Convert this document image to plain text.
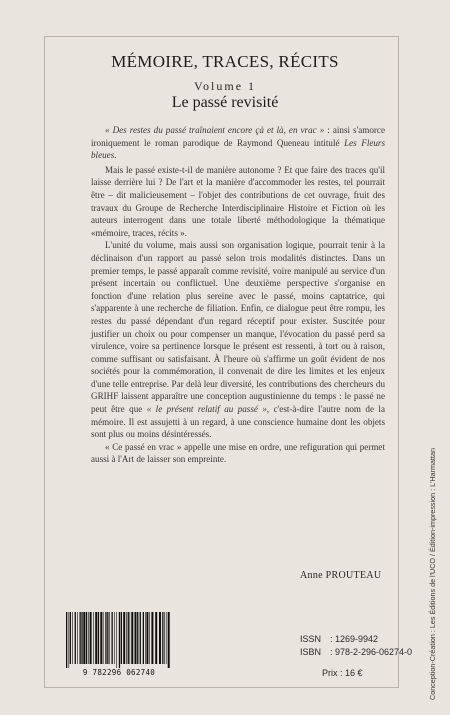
MÉMOIRE, TRACES, RÉCITS
Volume 1
Le passé revisité

« Des restes du passé traînaient encore çà et là, en vrac » : ainsi s'amorce ironiquement le roman parodique de Raymond Queneau intitulé Les Fleurs bleues.

Mais le passé existe-t-il de manière autonome ? Et que faire des traces qu'il laisse derrière lui ? De l'art et la manière d'accommoder les restes, tel pourrait être – dit malicieusement – l'objet des contributions de cet ouvrage, fruit des travaux du Groupe de Recherche Interdisciplinaire Histoire et Fiction où les auteurs interrogent dans une totale liberté méthodologique la thématique «mémoire, traces, récits ».

L'unité du volume, mais aussi son organisation logique, pourrait tenir à la déclinaison d'un rapport au passé selon trois modalités distinctes. Dans un premier temps, le passé apparaît comme revisité, voire manipulé au service d'un présent incertain ou conflictuel. Une deuxième perspective s'organise en fonction d'une relation plus sereine avec le passé, moins captatrice, qui s'apparente à une recherche de filiation. Enfin, ce dialogue peut être rompu, les restes du passé dépendant d'un regard réceptif pour exister. Suscitée pour justifier un choix ou pour compenser un manque, l'évocation du passé perd sa virulence, voire sa pertinence lorsque le présent est ressenti, à tort ou à raison, comme suffisant ou satisfaisant. À l'heure où s'affirme un goût évident de nos sociétés pour la commémoration, il convenait de dire les limites et les enjeux d'une telle entreprise. Par delà leur diversité, les contributions des chercheurs du GRIHF laissent apparaître une conception augustinienne du temps : le passé ne peut être que « le présent relatif au passé », c'est-à-dire l'autre nom de la mémoire. Il est assujetti à un regard, à une conscience humaine dont les objets sont plus ou moins désintéressés.

« Ce passé en vrac » appelle une mise en ordre, une refiguration qui permet aussi à l'Art de laisser son empreinte.

Anne PROUTEAU
9 782296 062740
ISSN : 1269-9942
ISBN : 978-2-296-06274-0
Prix : 16 €	Conception-Création : Les Éditions de l'UCO / Édition-impression : L'Harmattan
